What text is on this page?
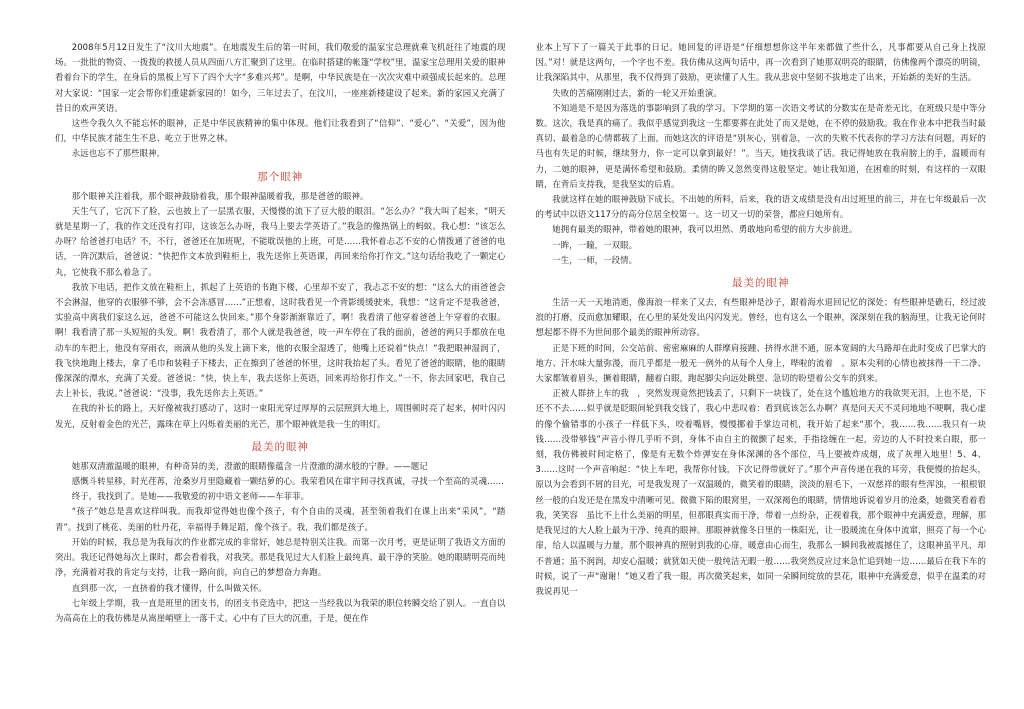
2008年5月12日发生了“汶川大地震”。在地震发生后的第一时间，我们敬爱的温家宝总理就乘飞机赶往了地震的现场。一批批的物资、一拨拨的救援人员从四面八方汇聚到了这里。在临时搭建的帐篷“学校”里，温家宝总理用关爱的眼神看着台下的学生，在身后的黑板上写下了四个大字“多难兴邦”。是啊，中华民族是在一次次灾难中顽强成长起来的。总理对大家说：“国家一定会帮你们重建新家园的！如今，三年过去了，在汶川，一座座新楼建设了起来。新的家园又充满了昔日的欢声笑语。

这些令我久久不能忘怀的眼神，正是中华民族精神的集中体现。他们让我看到了“信仰”、“爱心”、“关爱”，因为他们，中华民族才能生生不息、屹立于世界之林。

永远也忘不了那些眼神。

那个眼神

那个眼神关注着我，那个眼神鼓励着我，那个眼神温暖着我，那是爸爸的眼神。

天生气了，它沉下了脸，云也披上了一层黑衣服，天慢慢的流下了豆大般的眼泪。“怎么办？”我大叫了起来，“明天就是星期一了，我的作文还没有打印，这该怎么办呀，我马上要去学英语了。”我急的像热锅上的蚂蚁。我心想：“该怎么办呀？给爸爸打电话？不，不行，爸爸还在加班呢，不能耽误他的上班，可是……我怀着忐忑不安的心情拨通了爸爸的电话，一阵沉默后，爸爸说：“快把作文本放到鞋柜上，我先送你上英语课，再回来给你打作文。”这句话给我吃了一颗定心丸，它使我不那么着急了。

我放下电话，把作文放在鞋柜上，抓起了上英语的书跑下楼，心里却不安了，我忐忑不安的想：“这么大的雨爸爸会不会淋湿，他穿的衣服够不够，会不会冻感冒……”正想着，这时我看见一个背影缓缓驶来，我想：“这肯定不是我爸爸，实验高中离我们家这么远，爸爸不可能这么快回来。”那个身影渐渐靠近了，啊！我看清了他穿着爸爸上午穿着的衣服。啊！我看清了那一头短短的头发。啊！我看清了，那个人就是我爸爸，吱一声车停在了我的面前，爸爸的两只手都放在电动车的车把上，他没有穿雨衣，雨滴从他的头发上滴下来，他的衣服全湿透了，他嘴上还说着“快点！”我把眼神湿润了，我飞快地跑上楼去，拿了毛巾和装鞋子下楼去，正在擦到了爸爸的怀里，这时我抬起了头。看见了爸爸的眼睛，他的眼睛像深深的潭水，充满了关爱。爸爸说：“快，快上车，我去送你上英语，回来再给你打作文。”一不，你去回家吧，我自己去上补长，我说。”爸爸说：“没事，我先送你去上英语。”

在我的补长的路上，天好像被我打感动了，这时一束阳光穿过厚厚的云层照到大地上，周围顿时亮了起来，树叶闪闪发光，反射着金色的光芒，露珠在草上闪烁着美丽的光芒，那个眼神就是我一生的明灯。

最美的眼神

她那双清澈温暖的眼神，有种奇异的美，澄澈的眼睛像蕴含一片澄澈的湖水般的宁静。——题记

感慨斗转星移，时光荏苒，沧桑岁月里隐藏着一颗结萝的心。我荣看风在窜宇间寻找真诚，寻找一个至高的灵魂……

终于，我找到了。是她——我敬爱的初中语文老师——车菲菲。

“孩子”她总是喜欢这样叫我。而我却觉得她也像个孩子，有个自由的灵魂，甚至领着我们在课上出来“采风”，“踏青”。找到了桃花、美丽的牡丹花，幸福得手舞足蹈，像个孩子。我，我们都是孩子。

开始的时候，我总是为我每次的作业都完成的非常好，她总是特别关注我。而第一次月考，更是证明了我语文方面的突出。我还记得她每次上课时，都会看着我，对我笑。那是我见过大人们脸上最纯真、最干净的笑脸。她的眼睛明亮而纯净，充满着对我的肯定与支持，让我一路向前，向自己的梦想奋力奔跑。

直到那一次，一直挤着的我才懂得，什么叫做关怀。

七年级上学期，我一直是班里的团支书，的团支书竞选中，把这一当经我以为我荣的职位转瞬交给了别人。一直自以为高高在上的我仿佛是从嵩崖峭壁上一落千丈。心中有了巨大的沉重，于是，便在作

业本上写下了一篇关于此事的日记。她回复的评语是“仔细想想你这半年来都做了些什么，凡事都要从自己身上找原因。”对！就是这两句，一个字也不差。我仿佛从这两句话中，再一次看到了她那双明亮的眼睛，仿佛像两个漂亮的明镜，让我深陷其中，从那里，我不仅得到了鼓励，更读懂了人生。我从悲哀中坚韧不拔地走了出来，开始新的美好的生活。

失败的苦痛刚刚过去，新的一轮又开始重演。

不知道是不是因为落选的事影响到了我的学习。下学期的第一次语文考试的分数实在是奇差无比，在班级只是中等分数。这次，我是真的痛了。我似乎感觉到我这一生都要葬在此处了而又是她，在不停的鼓励我。我在作业本中把我当时最真切、最着急的心情都载了上面，而她这次的评语是“别灰心，别着急，一次的失败不代表你的学习方法有问题，再好的马也有失足的时候，继续努力，你一定可以拿到最好！”。当天，她找我谈了话。我记得她放在我肩膀上的手，温暖而有力，二她的眼神，更是满怀希望和鼓励。柔情的眸又忽然变得这般坚定。她让我知道，在困难的时刻，有这样的一双眼睛，在背后支持我，是我坚实的后盾。

我就这样在她的眼神鼓励下成长。不出她的所料，后来，我的语文成绩是没有出过班里的前三，并在七年级最后一次的考试中以语文117分的高分位居全校第一。这一切又一切的荣誉，都应归她所有。

她拥有最美的眼神，带着她的眼神，我可以坦然、勇敢地向希望的前方大步前进。

一眸，一瞳，一双眼。

一生，一师，一段情。

最美的眼神

生活一天一天地消逝，像海浪一样来了又去，有些眼神是沙子，跟着海水退回记忆的深处；有些眼神是礁石，经过波浪的打磨，反而愈加耀眼，在心里的某处发出闪闪发光。曾经，也有这么一个眼神，深深刻在我的脑海里，让我无论何时想起都不得不为世间那个最美的眼神所动容。

正是下班的时间，公交站前、密密麻麻的人群摩肩接踵、挤得水泄不通，原本宽阔的大马路却在此时变成了巴掌大的地方、汗水味大量弥漫，而几乎都是一般无一例外的从每个人身上，哗啦的流着　。原本尖利的心情也被抹得一干二净、大家都皱着眉头，撅着眼睛，翻着白眼，跑起脚尖向远处眺望、急切的盼望着公交车的到来。

正被人群挤上车的我　，突然发现竟然把钱丢了，只剩下一块钱了，处在这个尴尬地方的我欲哭无泪，上也不是，下还不不去……似乎就是眨眼间轮到我交钱了，我心中悲叹着：看到底该怎么办啊？真是问天天不灵问地地不哽啊，我心虚的像个偷错事的小孩子一样低下头，咬着嘴唇，慢慢挪着手掌边司机，我开始了起来“那个，我……我……我只有一块钱……没带够钱”声音小得几乎听不到，身体不由自主的微颤了起来，手指捻缠在一起，旁边的人不时投来白眼，那一刻，我仿佛被时间定格了，像是有无数个炸弹安在身体深渊的各个部位，马上要被炸成烟，成了灰埋入地里！5、4、3……这时一个声音响起：“快上车吧，我帮你付钱，下次记得带就好了。”那个声音传递在我的耳旁，我便慢的抬起头，原以为会看到不屑的目光，可是我发现了一双温暖的，微笑着的眼睛，淡淡的眉毛下，一双慈祥的眼有些浑浊，一根根银丝一般的白发还是在黑发中清晰可见。微微下陷的眼窝里，一双深褐色的眼睛，情情地诉说着岁月的沧桑，她微笑看着看我，笑笑容　虽比不上什么美丽的明星，但那眼真实而干净，带着一点纷杂，正视着我，那个眼神中充满爱意，理解，那是我见过的大人脸上最为干净、纯真的眼神。那眼神就像冬日里的一株阳光，让一股暖流在身体中流窜，照亮了每一个心扉，给人以温暖与力量，那个眼神真的照射到我的心扉，暖意由心而生，我那么一瞬间我被震撼住了，这眼神虽平凡，却不普通；虽不润润，却安心温暖；就犹如天使一般纯洁无暇一般……我突然反应过来急忙追到她一边……最后在我下车的时候，说了一声“谢谢！”她又看了我一眼，再次微笑起来，如同一朵瞬间绽放的昙花，眼神中充满爱意，似乎在温柔的对我说再见一
